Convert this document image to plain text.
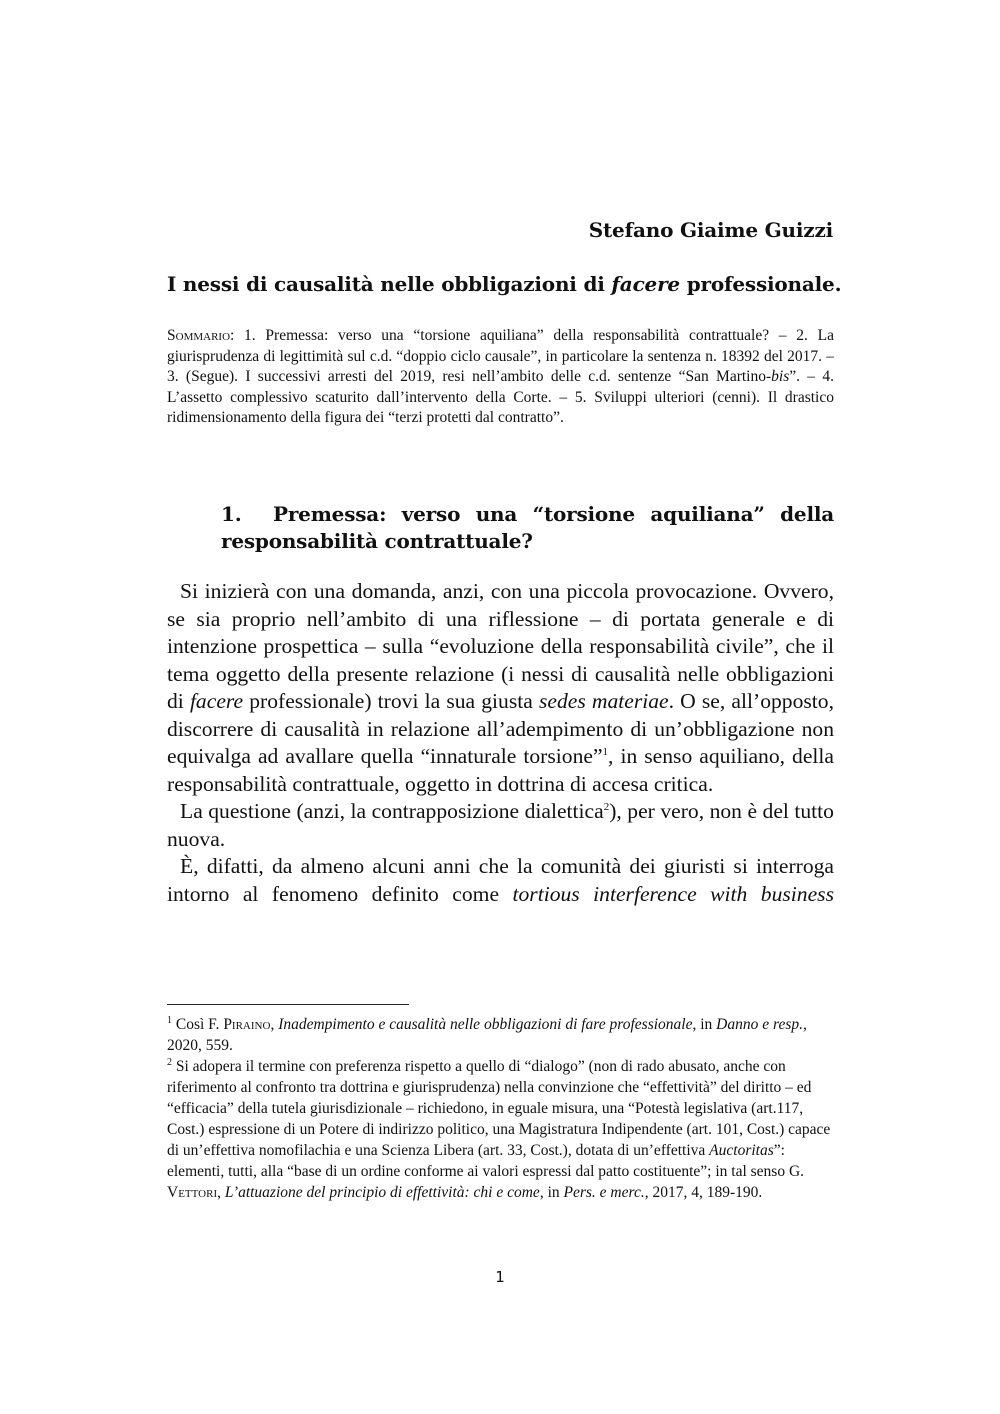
Stefano Giaime Guizzi
I nessi di causalità nelle obbligazioni di facere professionale.
Sommario: 1. Premessa: verso una “torsione aquiliana” della responsabilità contrattuale? – 2. La giurisprudenza di legittimità sul c.d. “doppio ciclo causale”, in particolare la sentenza n. 18392 del 2017. – 3. (Segue). I successivi arresti del 2019, resi nell’ambito delle c.d. sentenze “San Martino-bis”. – 4. L’assetto complessivo scaturito dall’intervento della Corte. – 5. Sviluppi ulteriori (cenni). Il drastico ridimensionamento della figura dei “terzi protetti dal contratto”.
1. Premessa: verso una “torsione aquiliana” della responsabilità contrattuale?

Si inizierà con una domanda, anzi, con una piccola provocazione. Ovvero, se sia proprio nell’ambito di una riflessione – di portata generale e di intenzione prospettica – sulla “evoluzione della responsabilità civile”, che il tema oggetto della presente relazione (i nessi di causalità nelle obbligazioni di facere professionale) trovi la sua giusta sedes materiae. O se, all’opposto, discorrere di causalità in relazione all’adempimento di un’obbligazione non equivalga ad avallare quella “innaturale torsione”$^1$, in senso aquiliano, della responsabilità contrattuale, oggetto in dottrina di accesa critica.

La questione (anzi, la contrapposizione dialettica$^2$), per vero, non è del tutto nuova.

È, difatti, da almeno alcuni anni che la comunità dei giuristi si interroga intorno al fenomeno definito come tortious interference with business

$^1$ Così F. Piraino, Inadempimento e causalità nelle obbligazioni di fare professionale, in Danno e resp., 2020, 559.

$^2$ Si adopera il termine con preferenza rispetto a quello di “dialogo” (non di rado abusato, anche con riferimento al confronto tra dottrina e giurisprudenza) nella convinzione che “effettività” del diritto – ed “efficacia” della tutela giurisdizionale – richiedono, in eguale misura, una “Potestà legislativa (art.117, Cost.) espressione di un Potere di indirizzo politico, una Magistratura Indipendente (art. 101, Cost.) capace di un’effettiva nomofilachia e una Scienza Libera (art. 33, Cost.), dotata di un’effettiva Auctoritas”: elementi, tutti, alla “base di un ordine conforme ai valori espressi dal patto costituente”; in tal senso G. Vettori, L’attuazione del principio di effettività: chi e come, in Pers. e merc., 2017, 4, 189-190.

1
